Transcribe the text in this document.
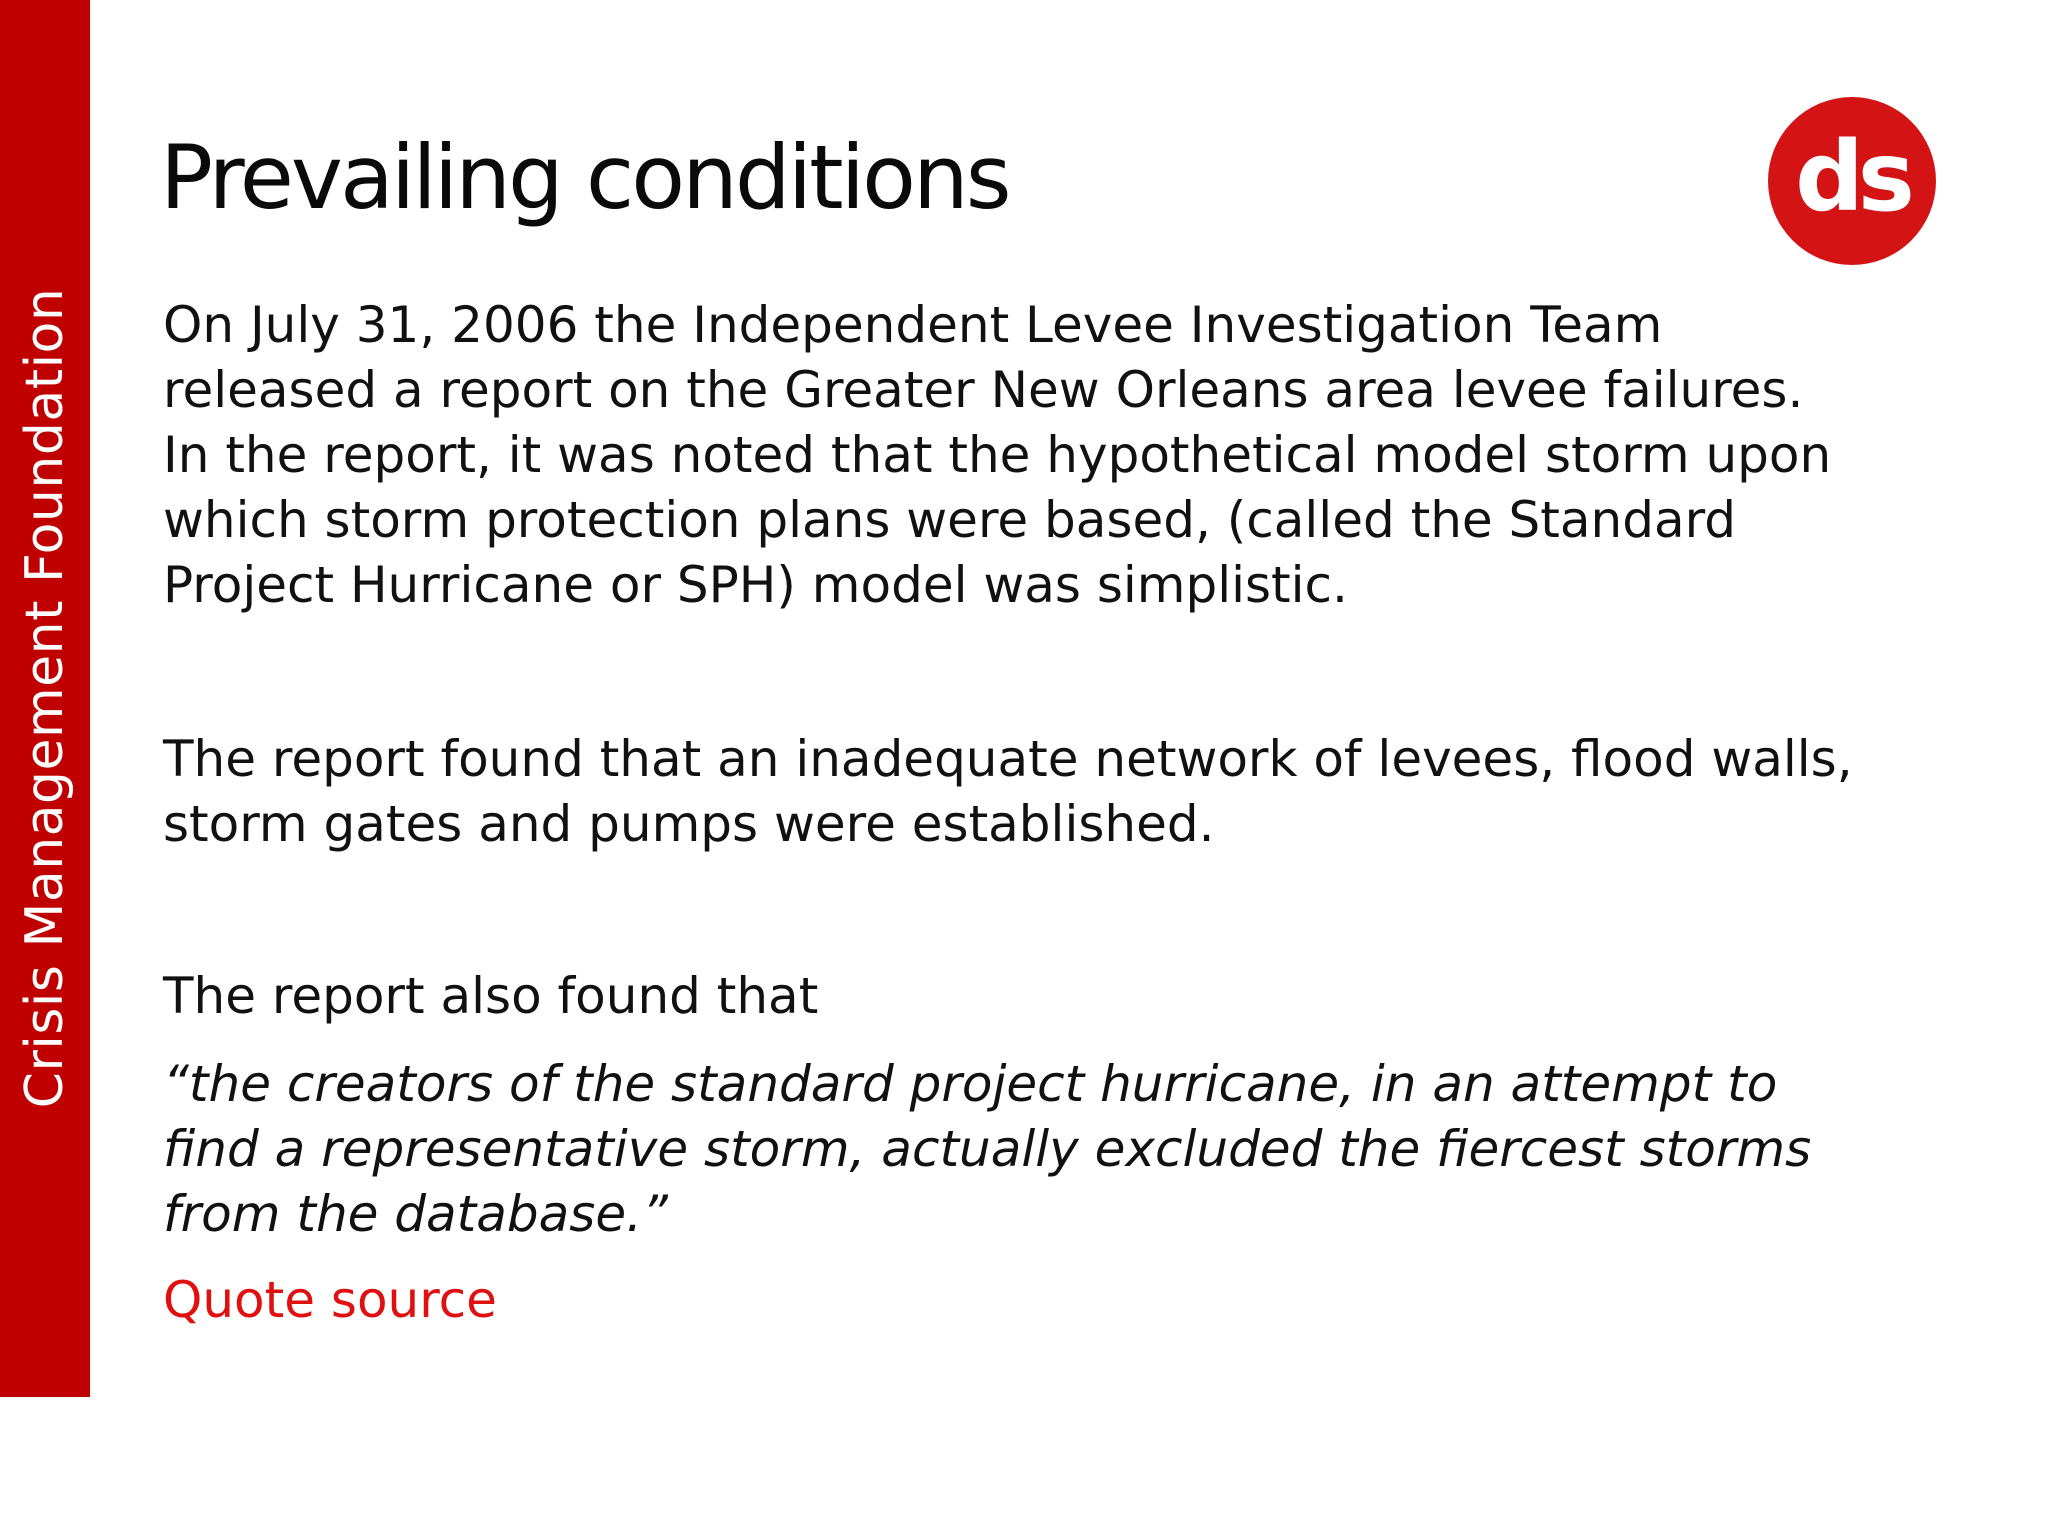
Crisis Management Foundation
ds
Prevailing conditions

On July 31, 2006 the Independent Levee Investigation Team
released a report on the Greater New Orleans area levee failures.
In the report, it was noted that the hypothetical model storm upon
which storm protection plans were based, (called the Standard
Project Hurricane or SPH) model was simplistic.

The report found that an inadequate network of levees, flood walls,
storm gates and pumps were established.

The report also found that

“the creators of the standard project hurricane, in an attempt to
find a representative storm, actually excluded the fiercest storms
from the database.”

Quote source
